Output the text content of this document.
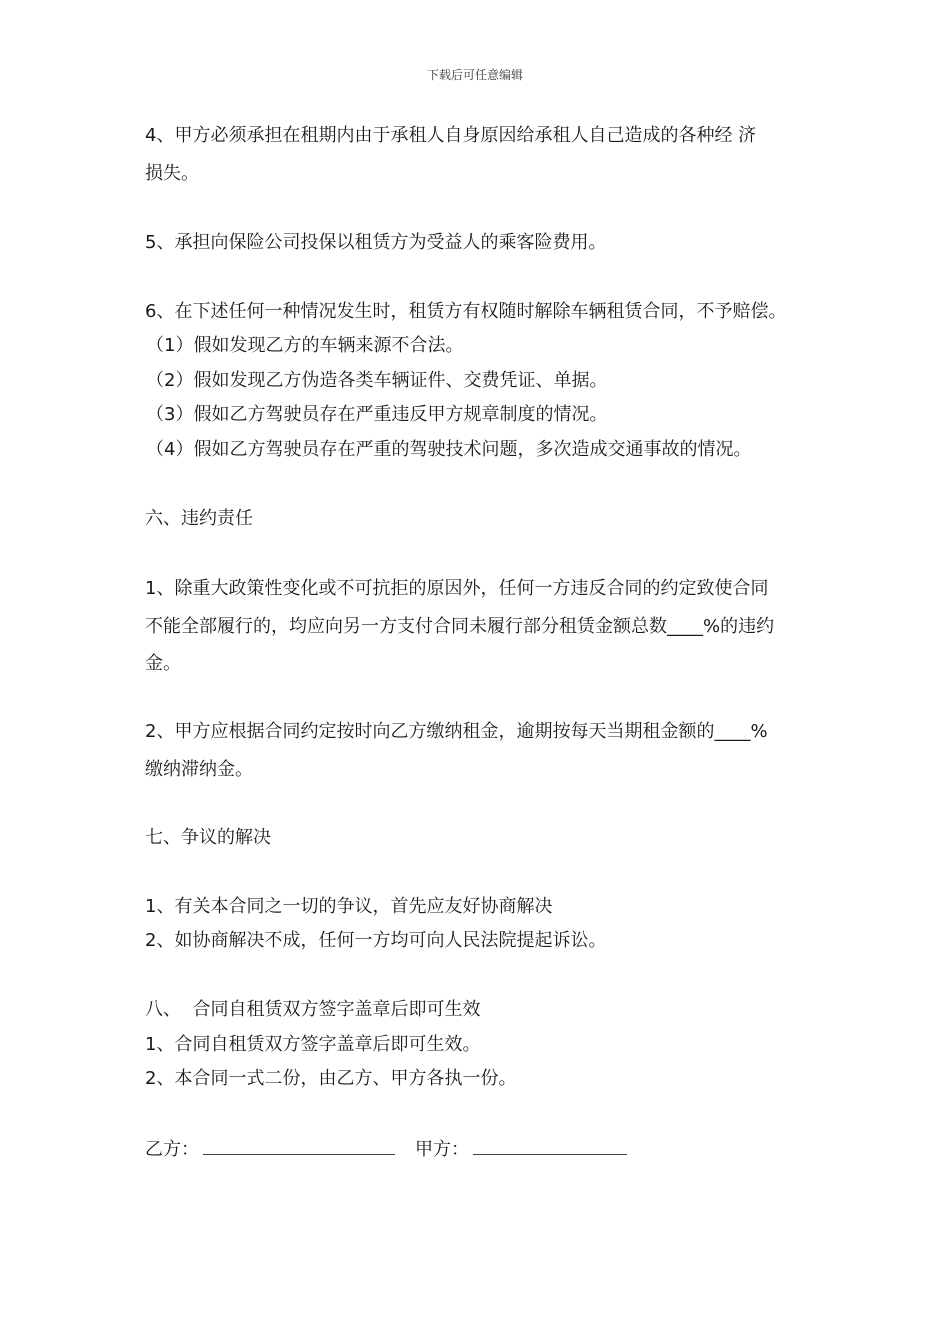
下载后可任意编辑
4、甲方必须承担在租期内由于承租人自身原因给承租人自己造成的各种经 济
损失。
5、承担向保险公司投保以租赁方为受益人的乘客险费用。
6、在下述任何一种情况发生时，租赁方有权随时解除车辆租赁合同，不予赔偿。
（1）假如发现乙方的车辆来源不合法。
（2）假如发现乙方伪造各类车辆证件、交费凭证、单据。
（3）假如乙方驾驶员存在严重违反甲方规章制度的情况。
（4）假如乙方驾驶员存在严重的驾驶技术问题，多次造成交通事故的情况。
六、违约责任
1、除重大政策性变化或不可抗拒的原因外，任何一方违反合同的约定致使合同
不能全部履行的，均应向另一方支付合同未履行部分租赁金额总数____%的违约
金。
2、甲方应根据合同约定按时向乙方缴纳租金，逾期按每天当期租金额的____%
缴纳滞纳金。
七、争议的解决
1、有关本合同之一切的争议，首先应友好协商解决
2、如协商解决不成，任何一方均可向人民法院提起诉讼。
八、  合同自租赁双方签字盖章后即可生效
1、合同自租赁双方签字盖章后即可生效。
2、本合同一式二份，由乙方、甲方各执一份。
乙方：	甲方：
